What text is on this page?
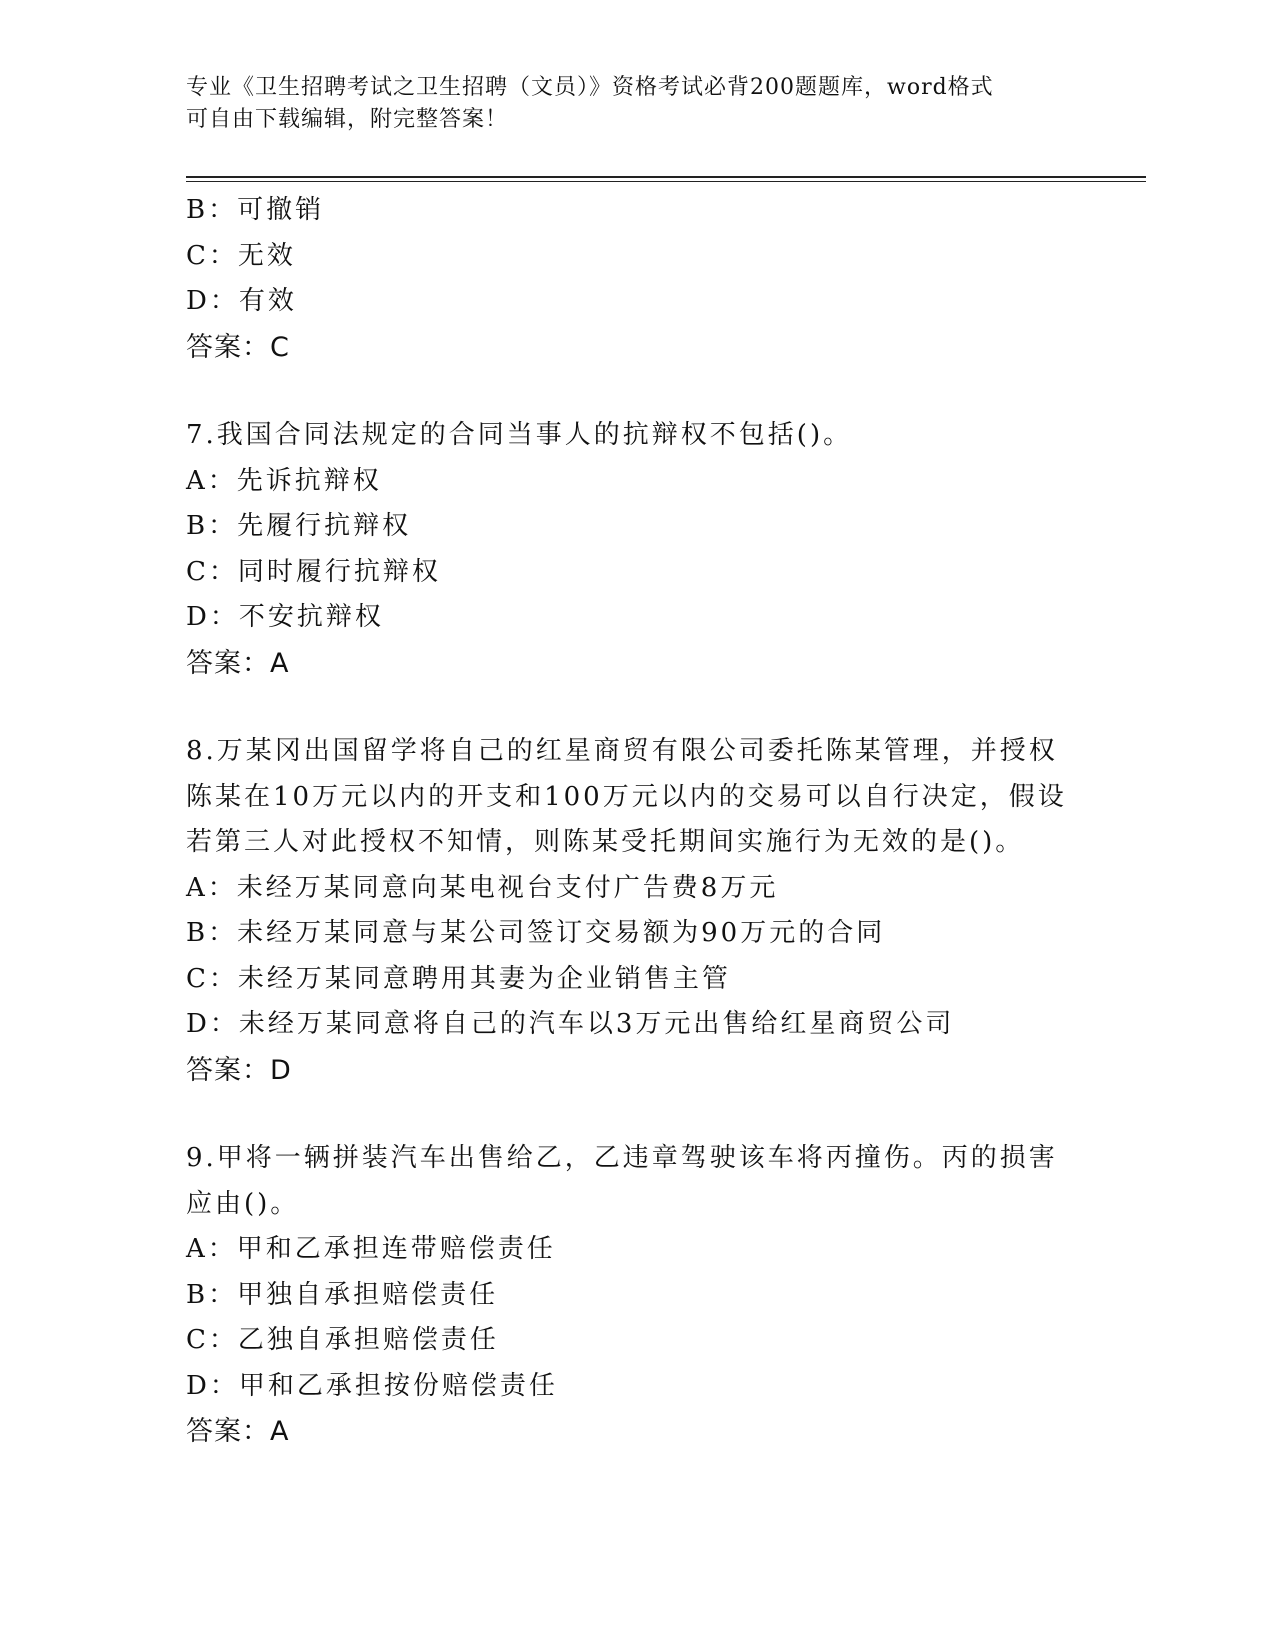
专业《卫生招聘考试之卫生招聘（文员）》资格考试必背200题题库，word格式
可自由下载编辑，附完整答案！
B：可撤销
C：无效
D：有效
答案：C
7.我国合同法规定的合同当事人的抗辩权不包括()。
A：先诉抗辩权
B：先履行抗辩权
C：同时履行抗辩权
D：不安抗辩权
答案：A
8.万某冈出国留学将自己的红星商贸有限公司委托陈某管理，并授权
陈某在10万元以内的开支和100万元以内的交易可以自行决定，假设
若第三人对此授权不知情，则陈某受托期间实施行为无效的是()。
A：未经万某同意向某电视台支付广告费8万元
B：未经万某同意与某公司签订交易额为90万元的合同
C：未经万某同意聘用其妻为企业销售主管
D：未经万某同意将自己的汽车以3万元出售给红星商贸公司
答案：D
9.甲将一辆拼装汽车出售给乙，乙违章驾驶该车将丙撞伤。丙的损害
应由()。
A：甲和乙承担连带赔偿责任
B：甲独自承担赔偿责任
C：乙独自承担赔偿责任
D：甲和乙承担按份赔偿责任
答案：A
